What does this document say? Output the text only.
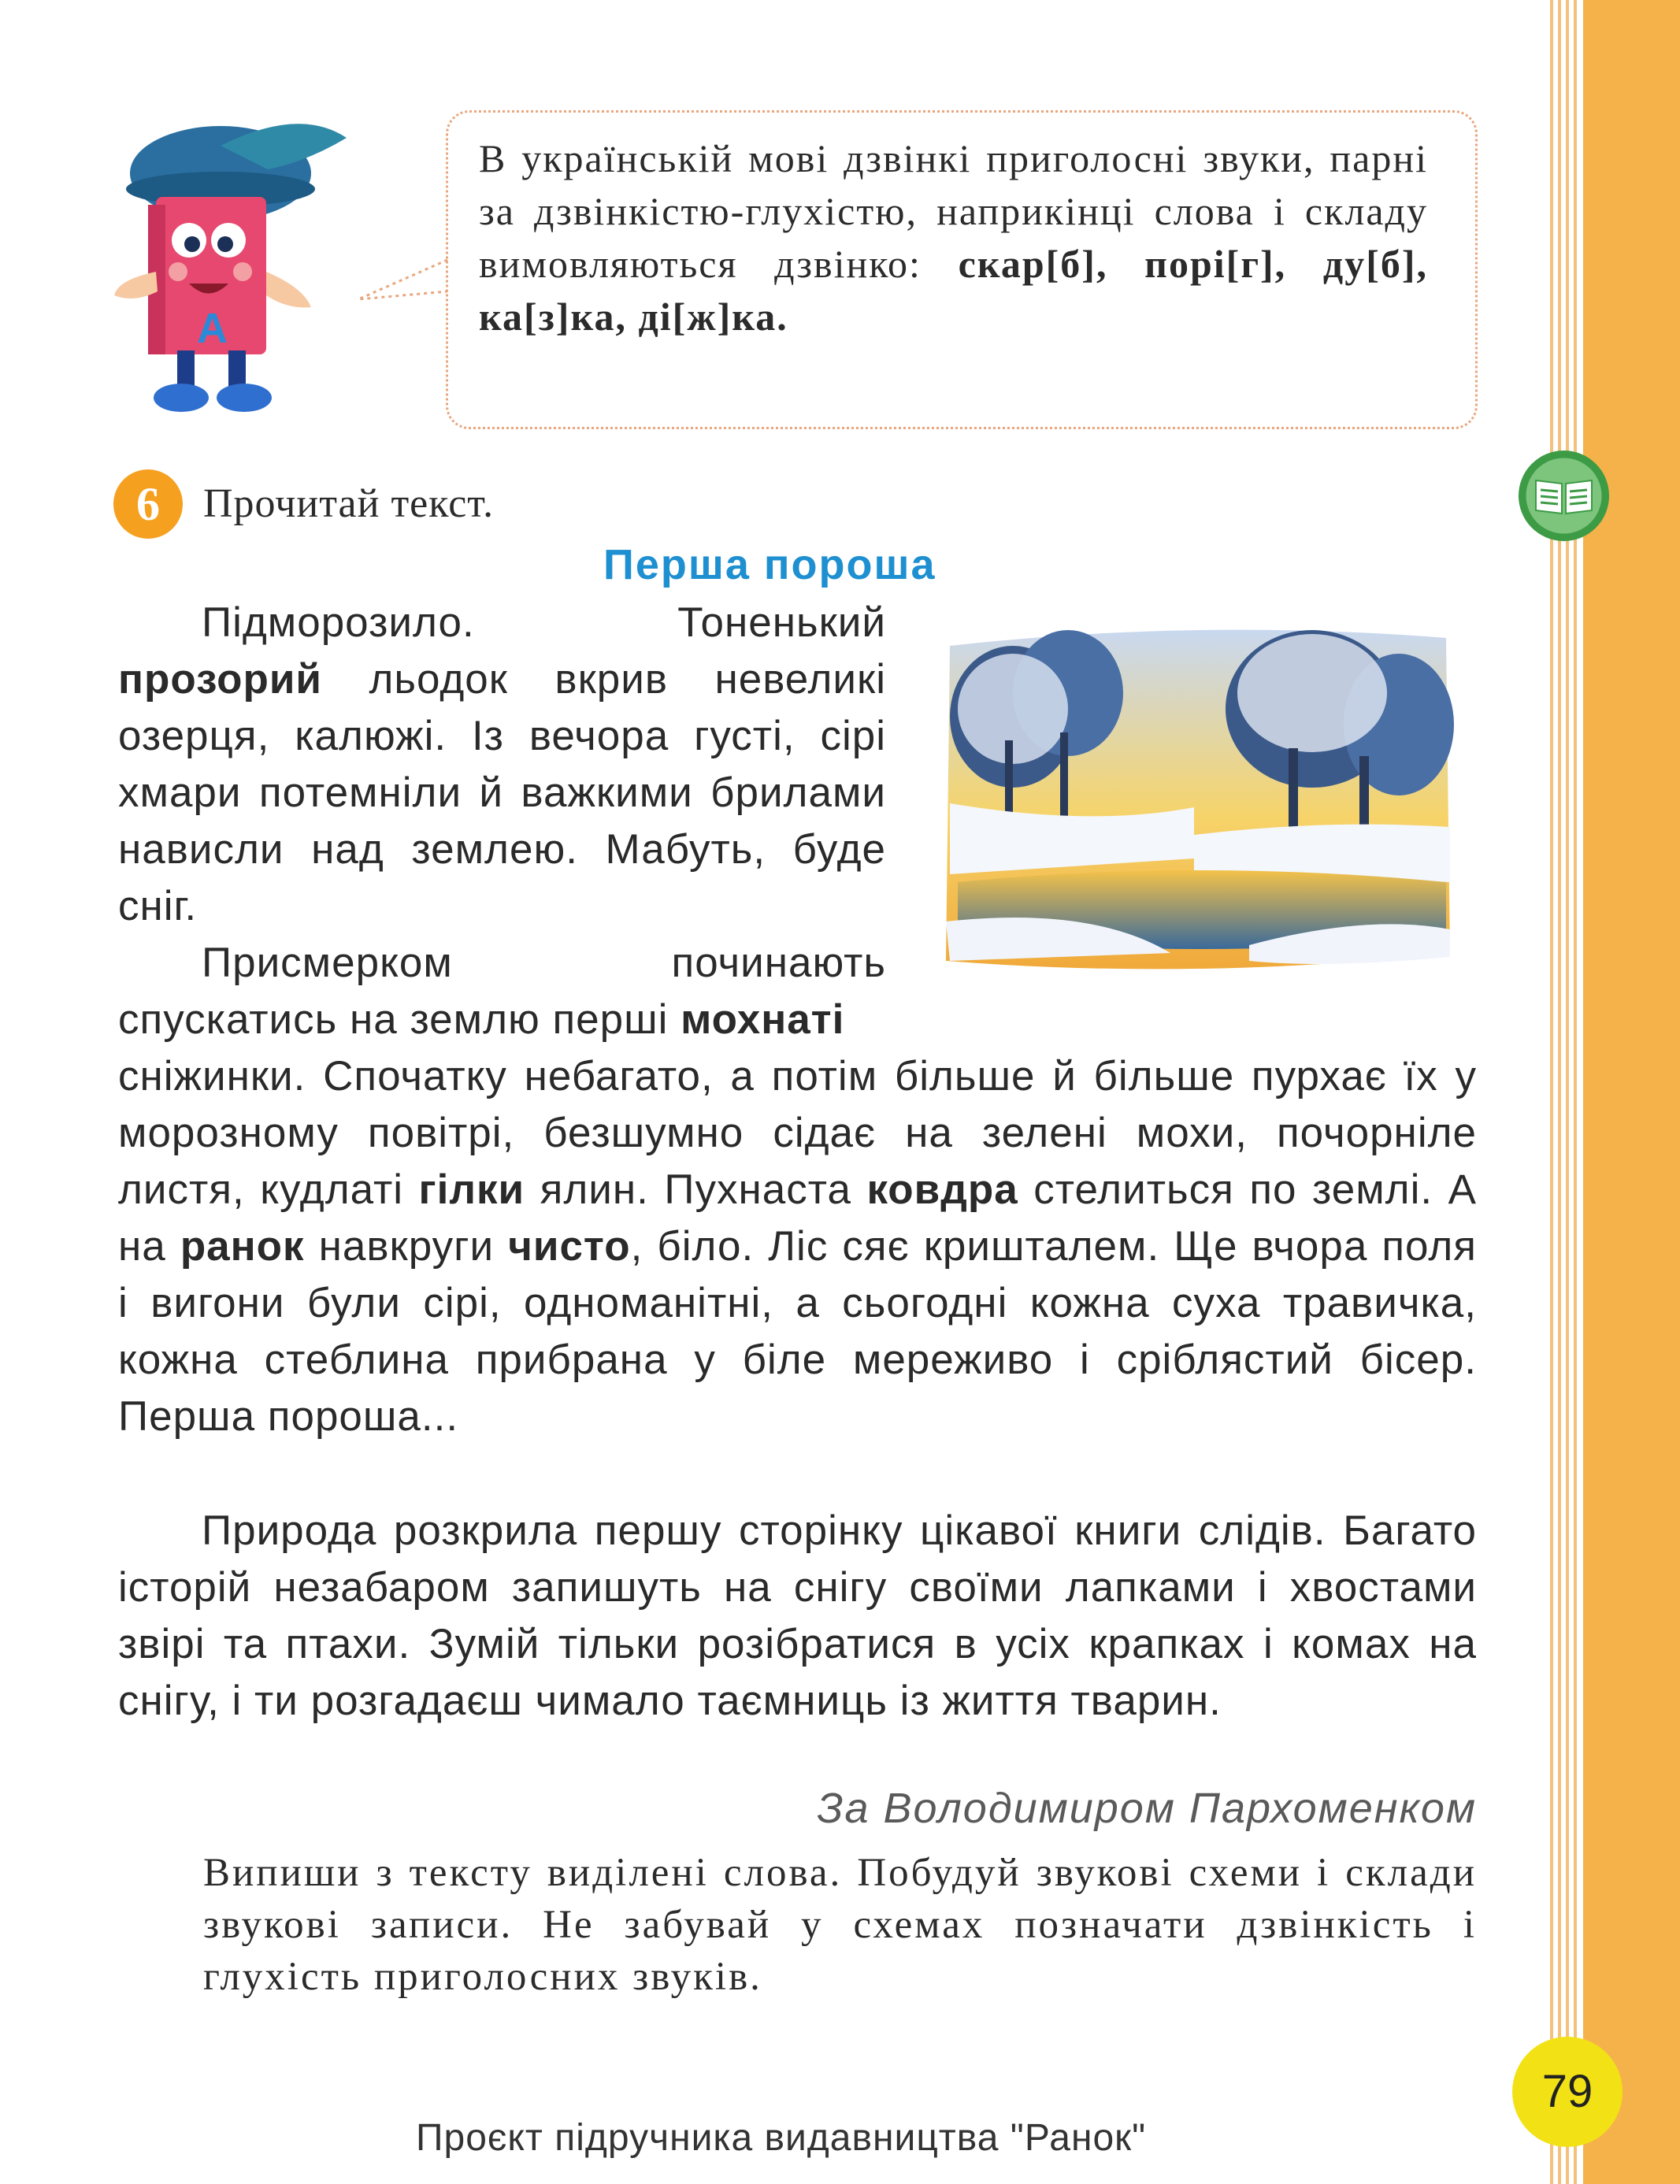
В українській мові дзвінкі приголосні звуки, парні за дзвінкістю-глухістю, наприкінці слова і складу вимовляються дзвінко: скар[б], порі[г], ду[б], ка[з]ка, ді[ж]ка.
А
6	Прочитай текст.
Перша пороша
Підморозило. Тоненький прозорий льодок вкрив невеликі озерця, калюжі. Із вечора густі, сірі хмари потемніли й важкими брилами нависли над землею. Мабуть, буде сніг.
Присмерком починають спускатись на землю перші мохнаті
сніжинки. Спочатку небагато, а потім більше й більше пурхає їх у морозному повітрі, безшумно сідає на зелені мохи, почорніле листя, кудлаті гілки ялин. Пухнаста ковдра стелиться по землі. А на ранок навкруги чисто, біло. Ліс сяє кришталем. Ще вчора поля і вигони були сірі, одноманітні, а сьогодні кожна суха травичка, кожна стеблина прибрана у біле мереживо і сріблястий бісер. Перша пороша...
Природа розкрила першу сторінку цікавої книги слідів. Багато історій незабаром запишуть на снігу своїми лапками і хвостами звірі та птахи. Зумій тільки розібратися в усіх крапках і комах на снігу, і ти розгадаєш чимало таємниць із життя тварин.
За Володимиром Пархоменком
Випиши з тексту виділені слова. Побудуй звукові схеми і склади звукові записи. Не забувай у схемах позначати дзвінкість і глухість приголосних звуків.
79
Проєкт підручника видавництва "Ранок"
